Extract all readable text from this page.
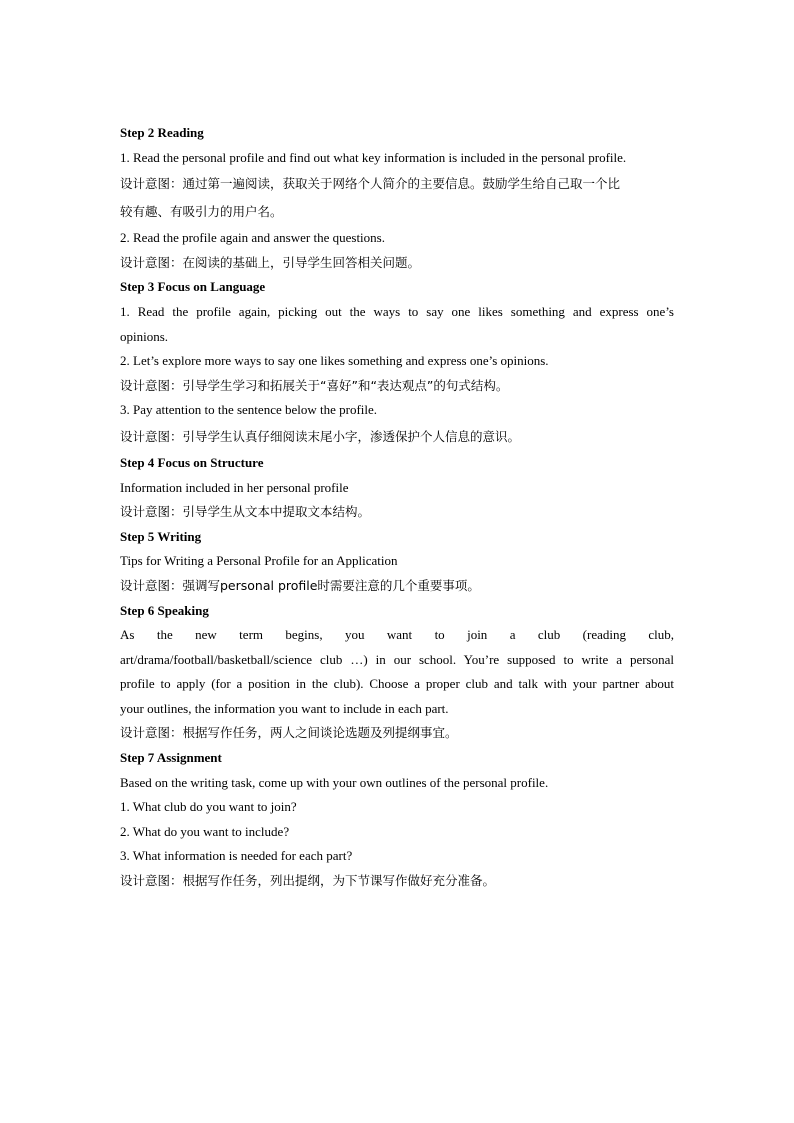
Step 2 Reading
1. Read the personal profile and find out what key information is included in the personal profile.
设计意图：通过第一遍阅读，获取关于网络个人简介的主要信息。鼓励学生给自己取一个比
较有趣、有吸引力的用户名。
2. Read the profile again and answer the questions.
设计意图：在阅读的基础上，引导学生回答相关问题。
Step 3 Focus on Language
1. Read the profile again, picking out the ways to say one likes something and express one’s
opinions.
2. Let’s explore more ways to say one likes something and express one’s opinions.
设计意图：引导学生学习和拓展关于“喜好”和“表达观点”的句式结构。
3. Pay attention to the sentence below the profile.
设计意图：引导学生认真仔细阅读末尾小字，渗透保护个人信息的意识。
Step 4 Focus on Structure
Information included in her personal profile
设计意图：引导学生从文本中提取文本结构。
Step 5 Writing
Tips for Writing a Personal Profile for an Application
设计意图：强调写personal profile时需要注意的几个重要事项。
Step 6 Speaking
As the new term begins, you want to join a club (reading club,
art/drama/football/basketball/science club …) in our school. You’re supposed to write a personal
profile to apply (for a position in the club). Choose a proper club and talk with your partner about
your outlines, the information you want to include in each part.
设计意图：根据写作任务，两人之间谈论选题及列提纲事宜。
Step 7 Assignment
Based on the writing task, come up with your own outlines of the personal profile.
1. What club do you want to join?
2. What do you want to include?
3. What information is needed for each part?
设计意图：根据写作任务，列出提纲，为下节课写作做好充分准备。
